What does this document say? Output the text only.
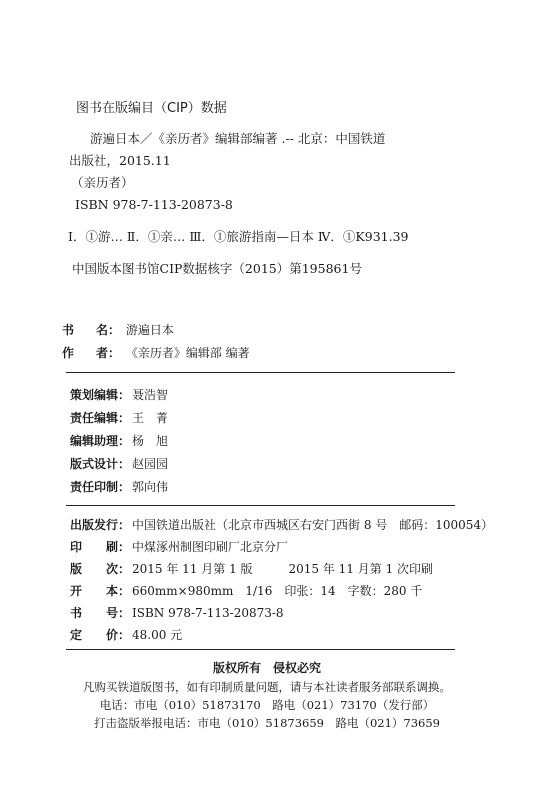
图书在版编目（CIP）数据
游遍日本／《亲历者》编辑部编著 .-- 北京：中国铁道
出版社，2015.11
（亲历者）
ISBN 978-7-113-20873-8
Ⅰ．①游… Ⅱ．①亲… Ⅲ．①旅游指南—日本 Ⅳ．①K931.39
中国版本图书馆CIP数据核字（2015）第195861号
书 名： 游遍日本
作 者： 《亲历者》编辑部 编著
策划编辑： 聂浩智
责任编辑： 王　菁
编辑助理： 杨　旭
版式设计： 赵园园
责任印制： 郭向伟
出版发行： 中国铁道出版社（北京市西城区右安门西街 8 号　邮码：100054）
印 刷： 中煤涿州制图印刷厂北京分厂
版 次： 2015 年 11 月第 1 版　　　2015 年 11 月第 1 次印刷
开 本： 660mm×980mm　1/16　印张：14　字数：280 千
书 号： ISBN 978-7-113-20873-8
定 价： 48.00 元
版权所有　侵权必究
凡购买铁道版图书，如有印制质量问题，请与本社读者服务部联系调换。
电话：市电（010）51873170　路电（021）73170（发行部）
打击盗版举报电话：市电（010）51873659　路电（021）73659
